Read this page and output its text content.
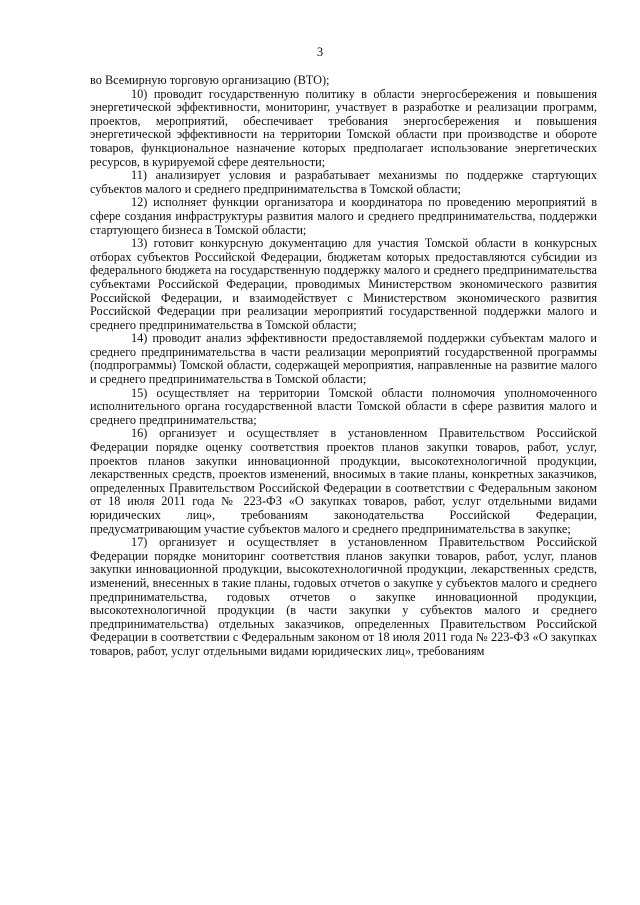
3

во Всемирную торговую организацию (ВТО);

10) проводит государственную политику в области энергосбережения и повышения энергетической эффективности, мониторинг, участвует в разработке и реализации программ, проектов, мероприятий, обеспечивает требования энергосбережения и повышения энергетической эффективности на территории Томской области при производстве и обороте товаров, функциональное назначение которых предполагает использование энергетических ресурсов, в курируемой сфере деятельности;

11) анализирует условия и разрабатывает механизмы по поддержке стартующих субъектов малого и среднего предпринимательства в Томской области;

12) исполняет функции организатора и координатора по проведению мероприятий в сфере создания инфраструктуры развития малого и среднего предпринимательства, поддержки стартующего бизнеса в Томской области;

13) готовит конкурсную документацию для участия Томской области в конкурсных отборах субъектов Российской Федерации, бюджетам которых предоставляются субсидии из федерального бюджета на государственную поддержку малого и среднего предпринимательства субъектами Российской Федерации, проводимых Министерством экономического развития Российской Федерации, и взаимодействует с Министерством экономического развития Российской Федерации при реализации мероприятий государственной поддержки малого и среднего предпринимательства в Томской области;

14) проводит анализ эффективности предоставляемой поддержки субъектам малого и среднего предпринимательства в части реализации мероприятий государственной программы (подпрограммы) Томской области, содержащей мероприятия, направленные на развитие малого и среднего предпринимательства в Томской области;

15) осуществляет на территории Томской области полномочия уполномоченного исполнительного органа государственной власти Томской области в сфере развития малого и среднего предпринимательства;

16) организует и осуществляет в установленном Правительством Российской Федерации порядке оценку соответствия проектов планов закупки товаров, работ, услуг, проектов планов закупки инновационной продукции, высокотехнологичной продукции, лекарственных средств, проектов изменений, вносимых в такие планы, конкретных заказчиков, определенных Правительством Российской Федерации в соответствии с Федеральным законом от 18 июля 2011 года № 223-ФЗ «О закупках товаров, работ, услуг отдельными видами юридических лиц», требованиям законодательства Российской Федерации, предусматривающим участие субъектов малого и среднего предпринимательства в закупке;

17) организует и осуществляет в установленном Правительством Российской Федерации порядке мониторинг соответствия планов закупки товаров, работ, услуг, планов закупки инновационной продукции, высокотехнологичной продукции, лекарственных средств, изменений, внесенных в такие планы, годовых отчетов о закупке у субъектов малого и среднего предпринимательства, годовых отчетов о закупке инновационной продукции, высокотехнологичной продукции (в части закупки у субъектов малого и среднего предпринимательства) отдельных заказчиков, определенных Правительством Российской Федерации в соответствии с Федеральным законом от 18 июля 2011 года № 223-ФЗ «О закупках товаров, работ, услуг отдельными видами юридических лиц», требованиям
